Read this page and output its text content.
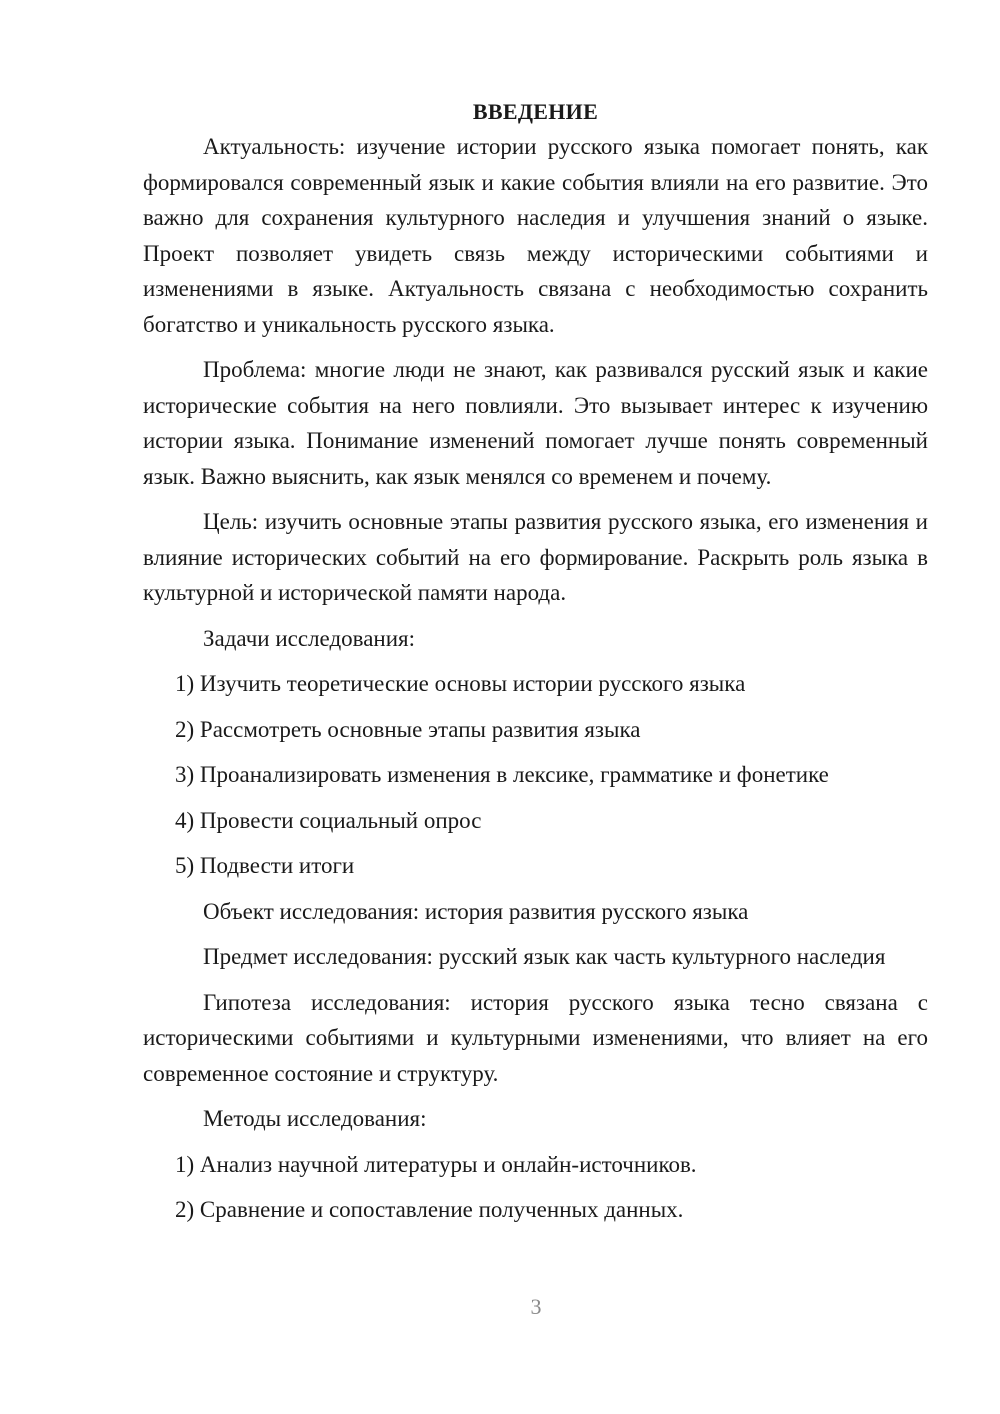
ВВЕДЕНИЕ

Актуальность: изучение истории русского языка помогает понять, как формировался современный язык и какие события влияли на его развитие. Это важно для сохранения культурного наследия и улучшения знаний о языке. Проект позволяет увидеть связь между историческими событиями и изменениями в языке. Актуальность связана с необходимостью сохранить богатство и уникальность русского языка.

Проблема: многие люди не знают, как развивался русский язык и какие исторические события на него повлияли. Это вызывает интерес к изучению истории языка. Понимание изменений помогает лучше понять современный язык. Важно выяснить, как язык менялся со временем и почему.

Цель: изучить основные этапы развития русского языка, его изменения и влияние исторических событий на его формирование. Раскрыть роль языка в культурной и исторической памяти народа.

Задачи исследования:

1) Изучить теоретические основы истории русского языка
2) Рассмотреть основные этапы развития языка
3) Проанализировать изменения в лексике, грамматике и фонетике
4) Провести социальный опрос
5) Подвести итоги

Объект исследования: история развития русского языка

Предмет исследования: русский язык как часть культурного наследия

Гипотеза исследования: история русского языка тесно связана с историческими событиями и культурными изменениями, что влияет на его современное состояние и структуру.

Методы исследования:

1) Анализ научной литературы и онлайн-источников.
2) Сравнение и сопоставление полученных данных.
3
